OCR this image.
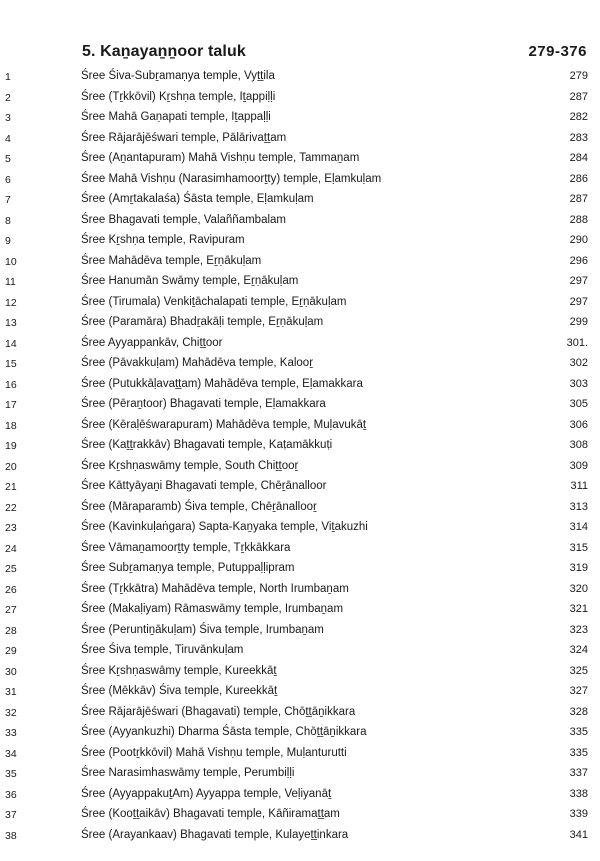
5. Kaṉayaṉṉoor taluk	279-376
1	Śree Śiva-Subṟamaṇya temple, Vyṯṯila	279
2	Śree (Tṟkkōvil) Kṟshṇa temple, Iṯappiḷḷi	287
3	Śree Mahā Gaṇapati temple, Iṯappaḷḷi	282
4	Śree Rājarājēśwari temple, Pālārivaṯṯam	283
5	Śree (Aṉantapuram) Mahā Vishṇu temple, Tammaṉam	284
6	Śree Mahā Vishṇu (Narasimhamoorṯty) temple, Eḷamkuḷam	286
7	Śree (Amṟtakalaśa) Śāsta temple, Eḷamkuḷam	287
8	Śree Bhagavati temple, Valaññambalam	288
9	Śree Kṟshṇa temple, Ravipuram	290
10	Śree Mahādēva temple, Eṟṇākuḷam	296
11	Śree Hanumān Swāmy temple, Eṟṇākuḷam	297
12	Śree (Tirumala) Venkiṯāchalapati temple, Eṟṇākuḷam	297
13	Śree (Paramāra) Bhadṟakāḷi temple, Eṟṇākuḷam	299
14	Śree Ayyappankāv, Chiṯṯoor	301.
15	Śree (Pāvakkuḷam) Mahādēva temple, Kalooṟ	302
16	Śree (Putukkāḷavaṯṯam) Mahādēva temple, Eḷamakkara	303
17	Śree (Pēraṉtoor) Bhagavati temple, Eḷamakkara	305
18	Śree (Kēraḷēśwarapuram) Mahādēva temple, Muḷavukāṯ	306
19	Śree (Kaṯṯrakkāv) Bhagavati temple, Kaṭamākkuṭi	308
20	Śree Kṟshṇaswāmy temple, South Chiṯṯooṟ	309
21	Śree Kāttyāyaṉi Bhagavati temple, Chēṟānalloor	311
22	Śree (Māraparamb) Śiva temple, Chēṟānallooṟ	313
23	Śree (Kavinkuḷaṅgara) Sapta-Kaṉyaka temple, Viṯakuzhi	314
24	Śree Vāmaṉamoorṯty temple, Tṟkkākkara	315
25	Śree Subṟamaṇya temple, Putuppaḷḷipram	319
26	Śree (Tṟkkātra) Mahādēva temple, North Irumbaṉam	320
27	Śree (Makaḷiyam) Rāmaswāmy temple, Irumbaṉam	321
28	Śree (Peruntiṉākuḷam) Śiva temple, Irumbaṉam	323
29	Śree Śiva temple, Tiruvānkuḷam	324
30	Śree Kṟshṇaswāmy temple, Kureekkāṯ	325
31	Śree (Mēkkāv) Śiva temple, Kureekkāṯ	327
32	Śree Rājarājēśwari (Bhagavati) temple, Chōṯṯāṉikkara	328
33	Śree (Ayyankuzhi) Dharma Śāsta temple, Chōṯṯāṉikkara	335
34	Śree (Pootṟkkōvil) Mahā Vishṇu temple, Muḷanturutti	335
35	Śree Narasimhaswāmy temple, Perumbiḷḷi	337
36	Śree (AyyappakuṯAm) Ayyappa temple, Veḷiyanāṯ	338
37	Śree (Kooṯṯaikāv) Bhagavati temple, Kāñiramaṯṯam	339
38	Śree (Arayankaav) Bhagavati temple, Kulayeṯṯinkara	341
